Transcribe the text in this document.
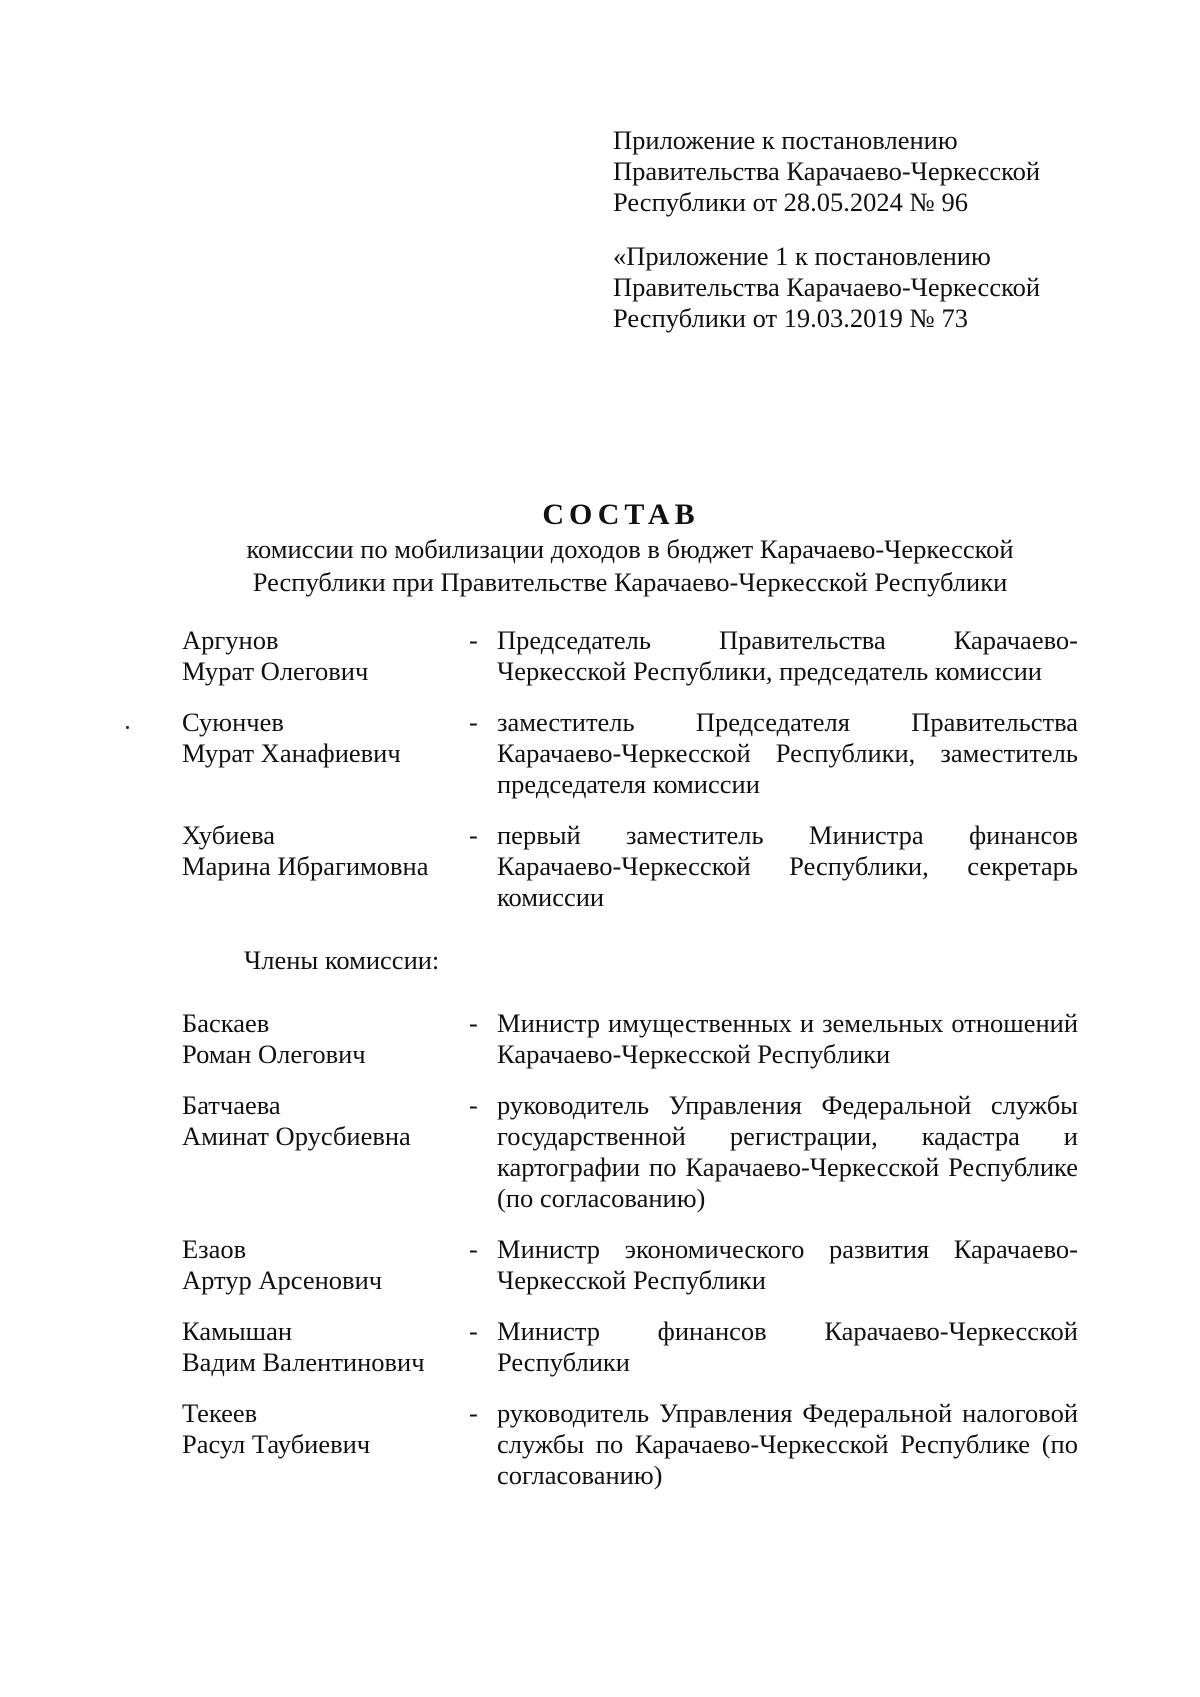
Приложение к постановлению
Правительства Карачаево-Черкесской
Республики от 28.05.2024 № 96
«Приложение 1 к постановлению
Правительства Карачаево-Черкесской
Республики от 19.03.2019 № 73
СОСТАВ
комиссии по мобилизации доходов в бюджет Карачаево-Черкесской
Республики при Правительстве Карачаево-Черкесской Республики
Аргунов
Мурат Олегович
- Председатель Правительства Карачаево-Черкесской Республики, председатель комиссии
Суюнчев
Мурат Ханафиевич
- заместитель Председателя Правительства Карачаево-Черкесской Республики, заместитель председателя комиссии
Хубиева
Марина Ибрагимовна
- первый заместитель Министра финансов Карачаево-Черкесской Республики, секретарь комиссии
Члены комиссии:
Баскаев
Роман Олегович
- Министр имущественных и земельных отношений Карачаево-Черкесской Республики
Батчаева
Аминат Орусбиевна
- руководитель Управления Федеральной службы государственной регистрации, кадастра и картографии по Карачаево-Черкесской Республике (по согласованию)
Езаов
Артур Арсенович
- Министр экономического развития Карачаево-Черкесской Республики
Камышан
Вадим Валентинович
- Министр финансов Карачаево-Черкесской Республики
Текеев
Расул Таубиевич
- руководитель Управления Федеральной налоговой службы по Карачаево-Черкесской Республике (по согласованию)
